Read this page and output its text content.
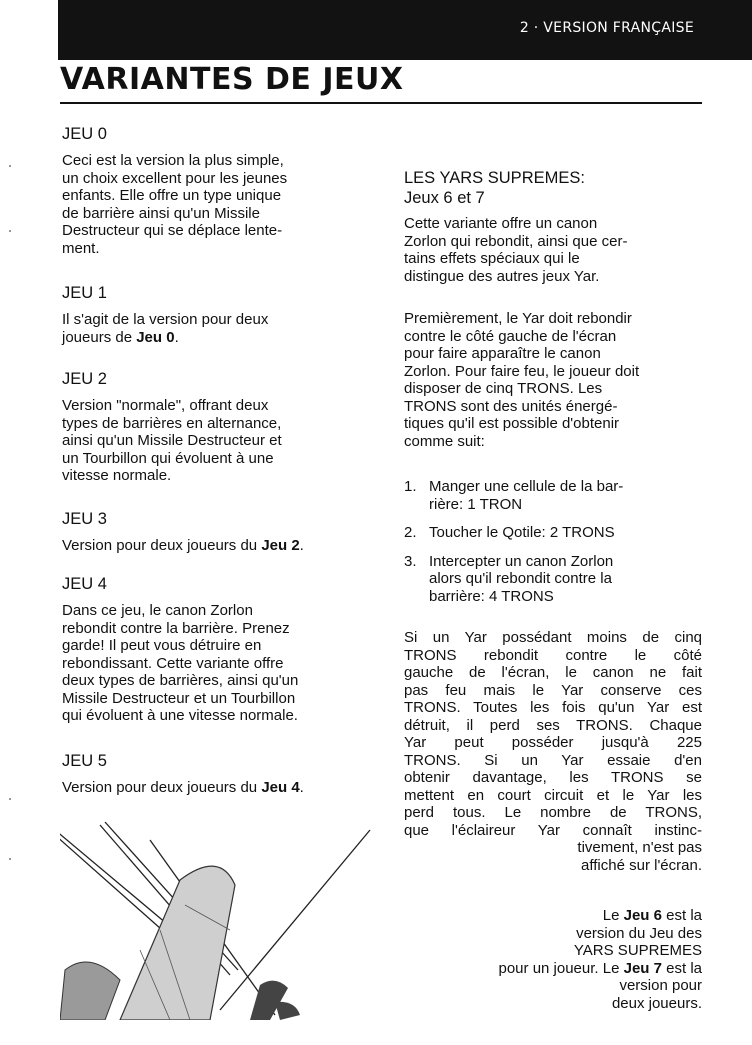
2 · VERSION FRANÇAISE
VARIANTES DE JEUX
JEU 0

Ceci est la version la plus simple,

un choix excellent pour les jeunes

enfants. Elle offre un type unique

de barrière ainsi qu'un Missile

Destructeur qui se déplace lente-

ment.

JEU 1

Il s'agit de la version pour deux

joueurs de Jeu 0.

JEU 2

Version "normale", offrant deux

types de barrières en alternance,

ainsi qu'un Missile Destructeur et

un Tourbillon qui évoluent à une

vitesse normale.

JEU 3

Version pour deux joueurs du Jeu 2.

JEU 4

Dans ce jeu, le canon Zorlon

rebondit contre la barrière. Prenez

garde! Il peut vous détruire en

rebondissant. Cette variante offre

deux types de barrières, ainsi qu'un

Missile Destructeur et un Tourbillon

qui évoluent à une vitesse normale.

JEU 5

Version pour deux joueurs du Jeu 4.

LES YARS SUPREMES:
Jeux 6 et 7

Cette variante offre un canon

Zorlon qui rebondit, ainsi que cer-

tains effets spéciaux qui le

distingue des autres jeux Yar.

Premièrement, le Yar doit rebondir

contre le côté gauche de l'écran

pour faire apparaître le canon

Zorlon. Pour faire feu, le joueur doit

disposer de cinq TRONS. Les

TRONS sont des unités énergé-

tiques qu'il est possible d'obtenir

comme suit:

1. Manger une cellule de la bar-

rière: 1 TRON

2. Toucher le Qotile: 2 TRONS

3. Intercepter un canon Zorlon

alors qu'il rebondit contre la

barrière: 4 TRONS

Si un Yar possédant moins de cinq

TRONS rebondit contre le côté

gauche de l'écran, le canon ne fait

pas feu mais le Yar conserve ces

TRONS. Toutes les fois qu'un Yar est

détruit, il perd ses TRONS. Chaque

Yar peut posséder jusqu'à 225

TRONS. Si un Yar essaie d'en

obtenir davantage, les TRONS se

mettent en court circuit et le Yar les

perd tous. Le nombre de TRONS,

que l'éclaireur Yar connaît instinc-

tivement, n'est pas

affiché sur l'écran.

Le Jeu 6 est la

version du Jeu des

YARS SUPREMES

pour un joueur. Le Jeu 7 est la

version pour

deux joueurs.
